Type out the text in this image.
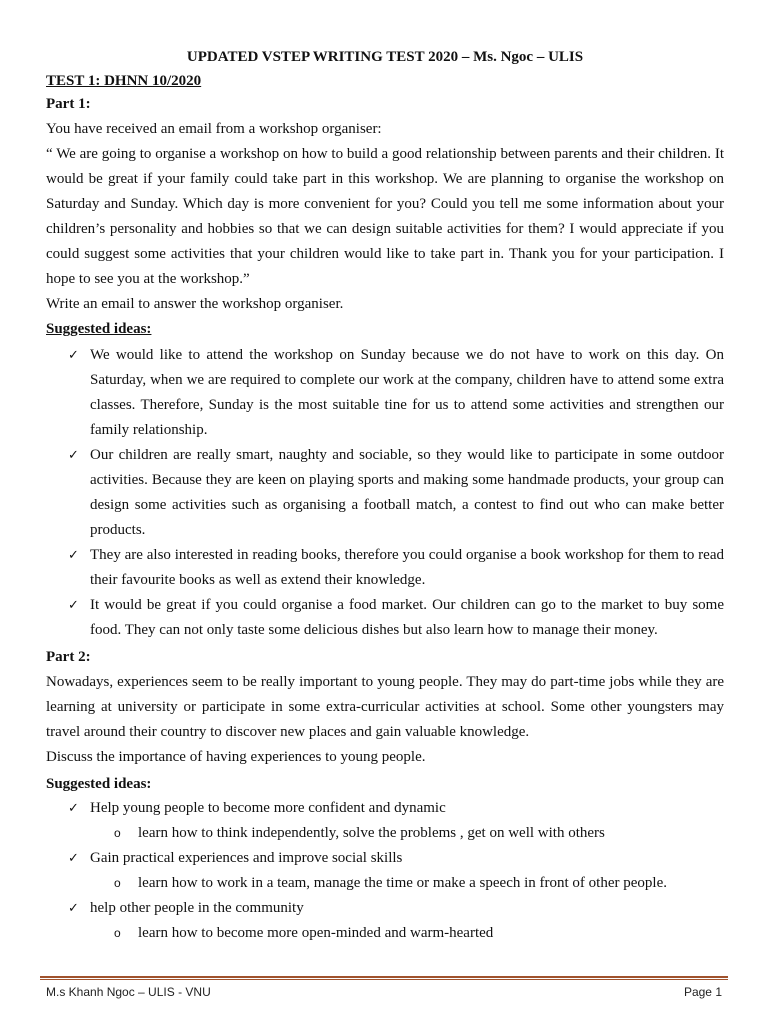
UPDATED VSTEP WRITING TEST 2020 – Ms. Ngoc – ULIS

TEST 1: DHNN 10/2020

Part 1:

You have received an email from a workshop organiser:

“ We are going to organise a workshop on how to build a good relationship between parents and their children. It would be great if your family could take part in this workshop. We are planning to organise the workshop on Saturday and Sunday. Which day is more convenient for you? Could you tell me some information about your children’s personality and hobbies so that we can design suitable activities for them? I would appreciate if you could suggest some activities that your children would like to take part in. Thank you for your participation. I hope to see you at the workshop.”

Write an email to answer the workshop organiser.

Suggested ideas:

✓ We would like to attend the workshop on Sunday because we do not have to work on this day. On Saturday, when we are required to complete our work at the company, children have to attend some extra classes. Therefore, Sunday is the most suitable tine for us to attend some activities and strengthen our family relationship.
✓ Our children are really smart, naughty and sociable, so they would like to participate in some outdoor activities. Because they are keen on playing sports and making some handmade products, your group can design some activities such as organising a football match, a contest to find out who can make better products.
✓ They are also interested in reading books, therefore you could organise a book workshop for them to read their favourite books as well as extend their knowledge.
✓ It would be great if you could organise a food market. Our children can go to the market to buy some food. They can not only taste some delicious dishes but also learn how to manage their money.

Part 2:

Nowadays, experiences seem to be really important to young people. They may do part-time jobs while they are learning at university or participate in some extra-curricular activities at school. Some other youngsters may travel around their country to discover new places and gain valuable knowledge.

Discuss the importance of having experiences to young people.

Suggested ideas:

✓ Help young people to become more confident and dynamic
o learn how to think independently, solve the problems , get on well with others
✓ Gain practical experiences and improve social skills
o learn how to work in a team, manage the time or make a speech in front of other people.
✓ help other people in the community
o learn how to become more open-minded and warm-hearted
M.s Khanh Ngoc – ULIS - VNU	Page 1
